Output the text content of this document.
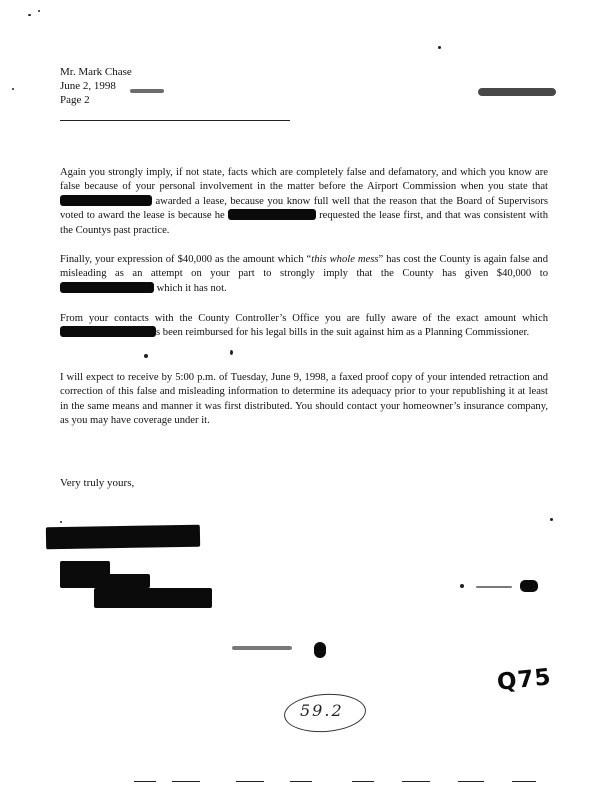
Mr. Mark Chase
June 2, 1998
Page 2

Again you strongly imply, if not state, facts which are completely false and defamatory, and which you know are false because of your personal involvement in the matter before the Airport Commission when you state that  awarded a lease, because you know full well that the reason that the Board of Supervisors voted to award the lease is because he	requested the lease first, and that was consistent with the Countys past practice.

Finally, your expression of $40,000 as the amount which “this whole mess” has cost the County is again false and misleading as an attempt on your part to strongly imply that the County has given $40,000 to  which it has not.

From your contacts with the County Controller’s Office you are fully aware of the exact amount which s been reimbursed for his legal bills in the suit against him as a Planning Commissioner.

I will expect to receive by 5:00 p.m. of Tuesday, June 9, 1998, a faxed proof copy of your intended retraction and correction of this false and misleading information to determine its adequacy prior to your republishing it at least in the same means and manner it was first distributed. You should contact your homeowner’s insurance company, as you may have coverage under it.

Very truly yours,
Q75
59.2
